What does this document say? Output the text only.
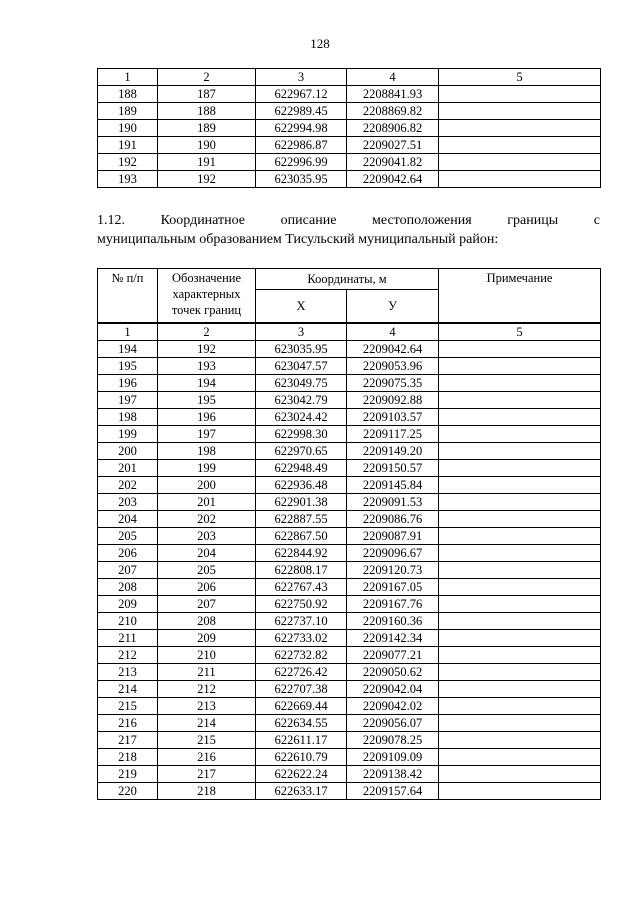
128
1	2	3	4	5
188	187	622967.12	2208841.93	
189	188	622989.45	2208869.82	
190	189	622994.98	2208906.82	
191	190	622986.87	2209027.51	
192	191	622996.99	2209041.82	
193	192	623035.95	2209042.64	
1.12.	Координатное	описание	местоположения	границы	с
муниципальным образованием Тисульский муниципальный район:
№ п/п	Обозначение характерных точек границ	Координаты, м		Примечание
		Х	У	
1	2	3	4	5
194	192	623035.95	2209042.64	
195	193	623047.57	2209053.96	
196	194	623049.75	2209075.35	
197	195	623042.79	2209092.88	
198	196	623024.42	2209103.57	
199	197	622998.30	2209117.25	
200	198	622970.65	2209149.20	
201	199	622948.49	2209150.57	
202	200	622936.48	2209145.84	
203	201	622901.38	2209091.53	
204	202	622887.55	2209086.76	
205	203	622867.50	2209087.91	
206	204	622844.92	2209096.67	
207	205	622808.17	2209120.73	
208	206	622767.43	2209167.05	
209	207	622750.92	2209167.76	
210	208	622737.10	2209160.36	
211	209	622733.02	2209142.34	
212	210	622732.82	2209077.21	
213	211	622726.42	2209050.62	
214	212	622707.38	2209042.04	
215	213	622669.44	2209042.02	
216	214	622634.55	2209056.07	
217	215	622611.17	2209078.25	
218	216	622610.79	2209109.09	
219	217	622622.24	2209138.42	
220	218	622633.17	2209157.64	
